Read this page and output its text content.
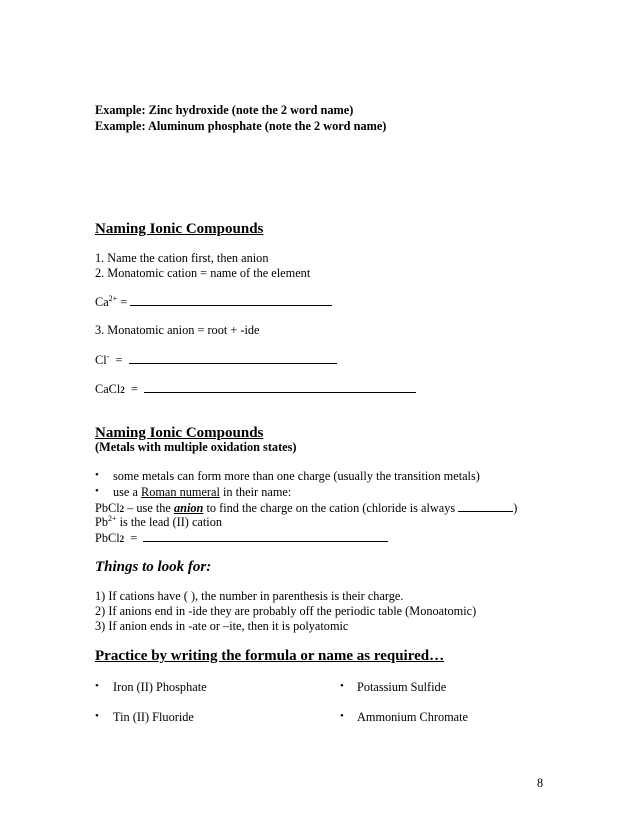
Example: Zinc hydroxide (note the 2 word name)
Example: Aluminum phosphate (note the 2 word name)
Naming Ionic Compounds
1. Name the cation first, then anion
2. Monatomic cation = name of the element
$Ca^{2+}$ =
3. Monatomic anion = root + -ide
Cl-  =
CaCl2  =
Naming Ionic Compounds
(Metals with multiple oxidation states)
• some metals can form more than one charge (usually the transition metals)
• use a Roman numeral in their name:
PbCl2 – use the anion to find the charge on the cation (chloride is always	)
$Pb^{2+}$ is the lead (II) cation
PbCl2  =
Things to look for:
1) If cations have ( ), the number in parenthesis is their charge.
2) If anions end in -ide they are probably off the periodic table (Monoatomic)
3) If anion ends in -ate or –ite, then it is polyatomic
Practice by writing the formula or name as required…
• Iron (II) Phosphate	• Potassium Sulfide
• Tin (II) Fluoride	• Ammonium Chromate
8
